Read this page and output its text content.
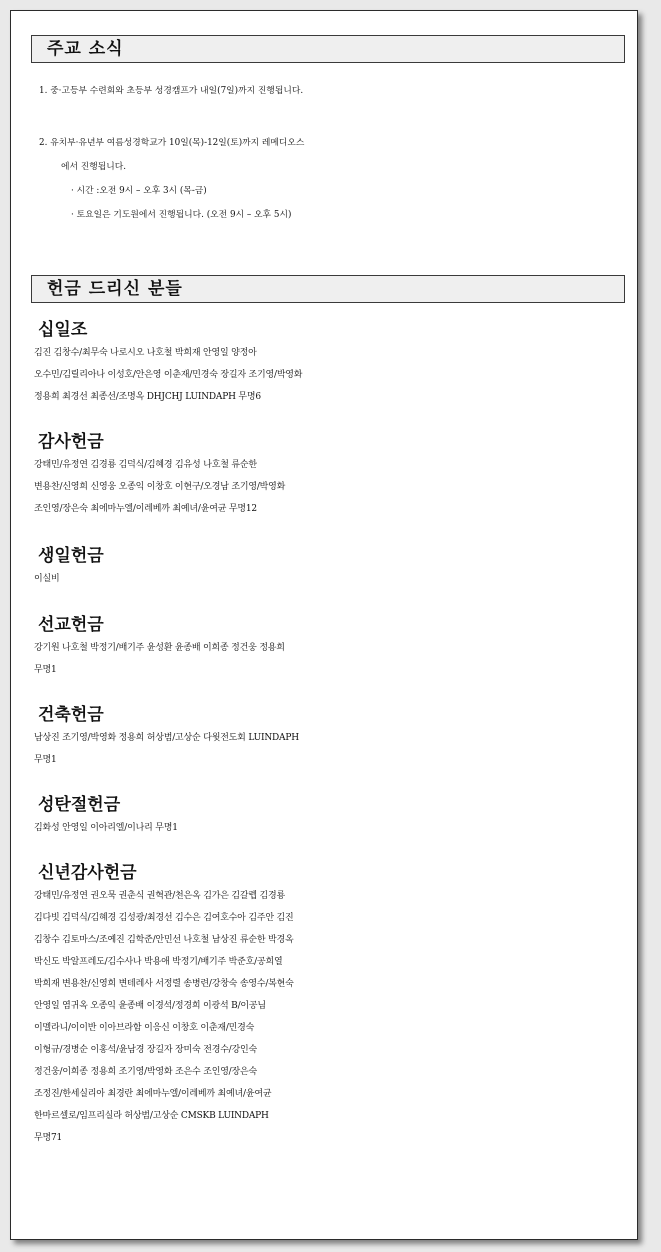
주교 소식

1. 중·고등부 수련회와 초등부 성경캠프가 내일(7일)까지 진행됩니다.

2. 유치부·유년부 여름성경학교가 10일(목)-12일(토)까지 레메디오스

에서 진행됩니다.

· 시간 :오전 9시 – 오후 3시 (목-금)

· 토요일은 기도원에서 진행됩니다. (오전 9시 – 오후 5시)

헌금 드리신 분들
십일조
김진 김창수/최무숙 나로시오 나호철 박희재 안영일 양정아
오수민/김릴리아나 이성호/안은영 이춘재/민경숙 장길자 조기영/박영화
정용희 최경선 최종선/조명옥 DHJCHJ LUINDAPH 무명6
감사헌금
강태민/유정연 김경룡 김덕식/김혜경 김유성 나호철 류순한
변용찬/신영희 신영웅 오종익 이창호 이현구/오경남 조기영/박영화
조인영/장은숙 최에마누엘/이레베까 최예녀/윤여균 무명12
생일헌금
이실비
선교헌금
강기원 나호철 박정기/배기주 윤성환 윤종배 이희종 정건웅 정용희
무명1
건축헌금
남상진 조기영/박영화 정용희 허상범/고상순 다윗전도회 LUINDAPH
무명1
성탄절헌금
김화성 안영일 이아리엘/이나리 무명1
신년감사헌금
강태민/유정연 권오묵 권춘식 권혁관/천은옥 김가은 김갈렙 김경룡
김다빗 김덕식/김혜경 김성광/최경선 김수은 김여호수아 김주안 김진
김창수 김토마스/조예진 김학준/안민선 나호철 남상진 류순한 박경옥
박신도 박알프레도/김수사나 박용애 박정기/배기주 박준호/공희열
박희재 변용찬/신영희 변테레사 서정렬 송병련/강창숙 송영수/복현숙
안영일 염귀옥 오종익 윤종배 이경석/정경희 이광석 B/이공님
이멜라니/이이반 이아브라함 이응신 이창호 이춘재/민경숙
이형규/경병순 이홍석/윤남경 장길자 장미숙 전경수/강인숙
정건웅/이희종 정용희 조기영/박영화 조은수 조인영/장은숙
조정진/한세실리아 최경란 최에마누엘/이레베까 최예녀/윤여균
한마르셀로/임프리실라 허상범/고상순 CMSKB LUINDAPH
무명71
